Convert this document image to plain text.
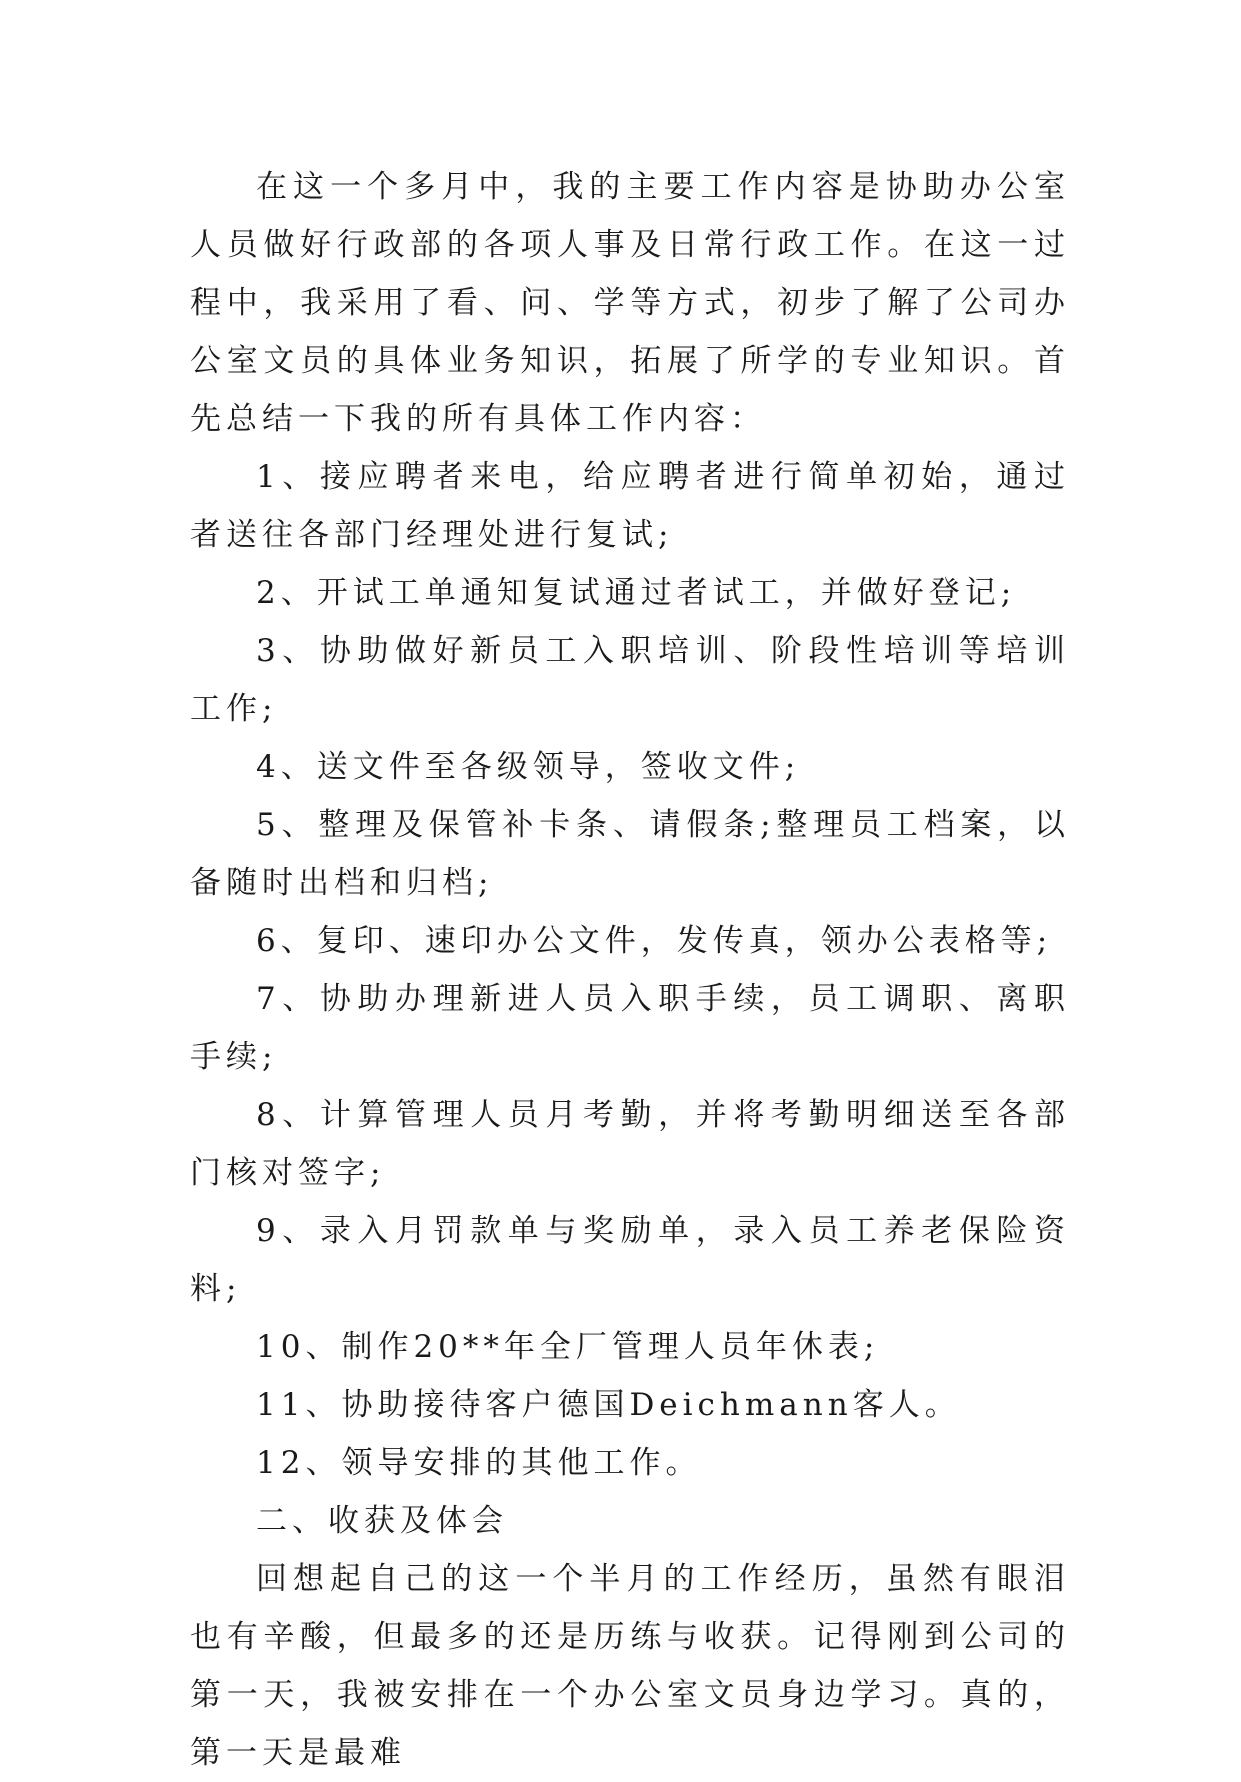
在这一个多月中，我的主要工作内容是协助办公室人员做好行政部的各项人事及日常行政工作。在这一过程中，我采用了看、问、学等方式，初步了解了公司办公室文员的具体业务知识，拓展了所学的专业知识。首先总结一下我的所有具体工作内容：

1、接应聘者来电，给应聘者进行简单初始，通过者送往各部门经理处进行复试;

2、开试工单通知复试通过者试工，并做好登记;

3、协助做好新员工入职培训、阶段性培训等培训工作;

4、送文件至各级领导，签收文件;

5、整理及保管补卡条、请假条;整理员工档案，以备随时出档和归档;

6、复印、速印办公文件，发传真，领办公表格等;

7、协助办理新进人员入职手续，员工调职、离职手续;

8、计算管理人员月考勤，并将考勤明细送至各部门核对签字;

9、录入月罚款单与奖励单，录入员工养老保险资料;

10、制作20**年全厂管理人员年休表;

11、协助接待客户德国Deichmann客人。

12、领导安排的其他工作。

二、收获及体会

回想起自己的这一个半月的工作经历，虽然有眼泪也有辛酸，但最多的还是历练与收获。记得刚到公司的第一天，我被安排在一个办公室文员身边学习。真的，第一天是最难
